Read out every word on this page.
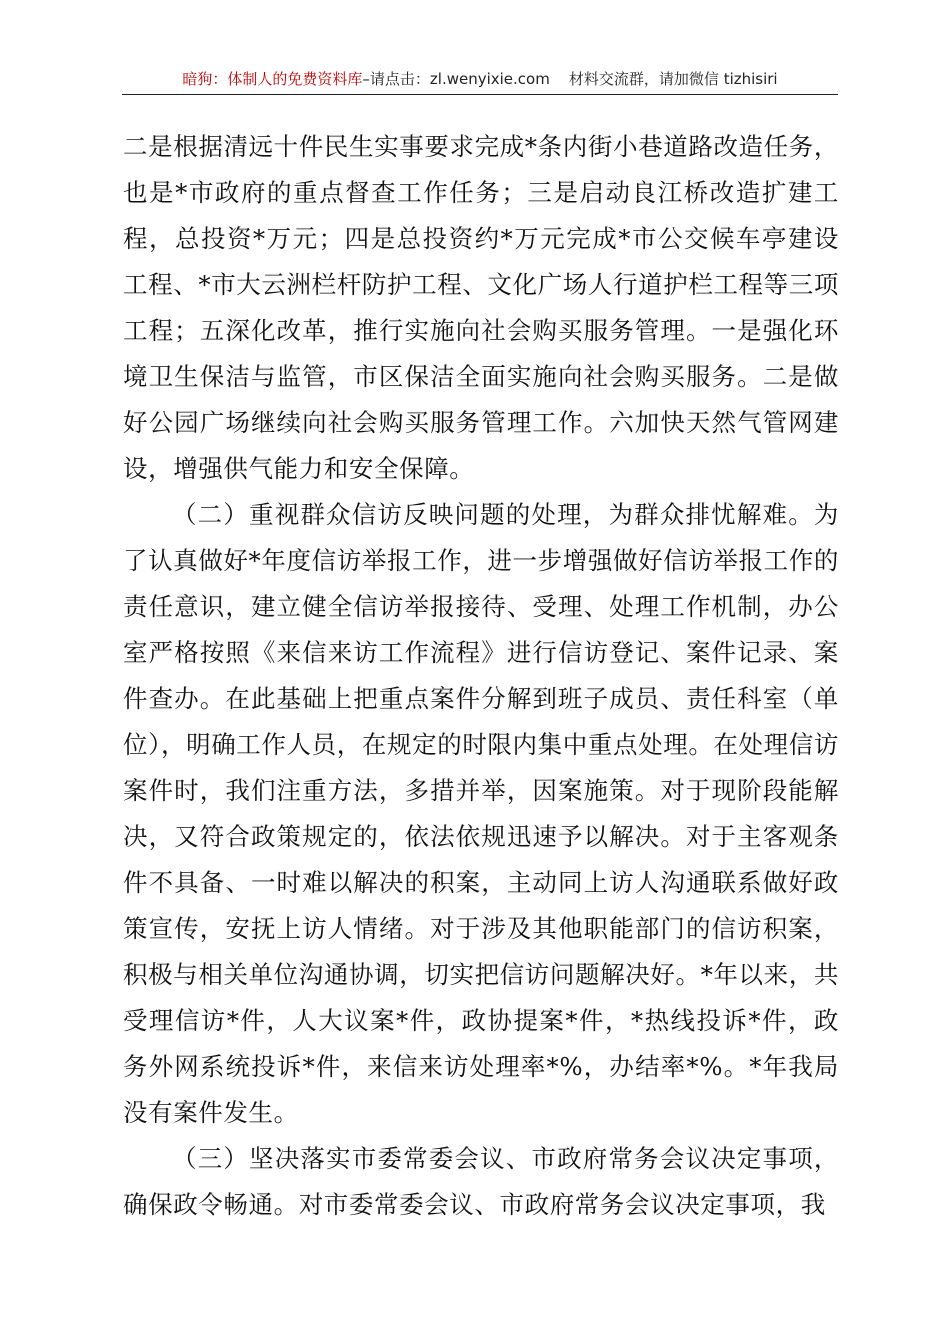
暗狗：体制人的免费资料库–请点击：zl.wenyixie.com 材料交流群，请加微信 tizhisiri

二是根据清远十件民生实事要求完成*条内街小巷道路改造任务，也是*市政府的重点督查工作任务；三是启动良江桥改造扩建工程，总投资*万元；四是总投资约*万元完成*市公交候车亭建设工程、*市大云洲栏杆防护工程、文化广场人行道护栏工程等三项工程；五深化改革，推行实施向社会购买服务管理。一是强化环境卫生保洁与监管，市区保洁全面实施向社会购买服务。二是做好公园广场继续向社会购买服务管理工作。六加快天然气管网建设，增强供气能力和安全保障。

（二）重视群众信访反映问题的处理，为群众排忧解难。为了认真做好*年度信访举报工作，进一步增强做好信访举报工作的责任意识，建立健全信访举报接待、受理、处理工作机制，办公室严格按照《来信来访工作流程》进行信访登记、案件记录、案件查办。在此基础上把重点案件分解到班子成员、责任科室（单位），明确工作人员，在规定的时限内集中重点处理。在处理信访案件时，我们注重方法，多措并举，因案施策。对于现阶段能解决，又符合政策规定的，依法依规迅速予以解决。对于主客观条件不具备、一时难以解决的积案，主动同上访人沟通联系做好政策宣传，安抚上访人情绪。对于涉及其他职能部门的信访积案，积极与相关单位沟通协调，切实把信访问题解决好。*年以来，共受理信访*件，人大议案*件，政协提案*件，*热线投诉*件，政务外网系统投诉*件，来信来访处理率*%，办结率*%。*年我局没有案件发生。

（三）坚决落实市委常委会议、市政府常务会议决定事项，确保政令畅通。对市委常委会议、市政府常务会议决定事项，我
